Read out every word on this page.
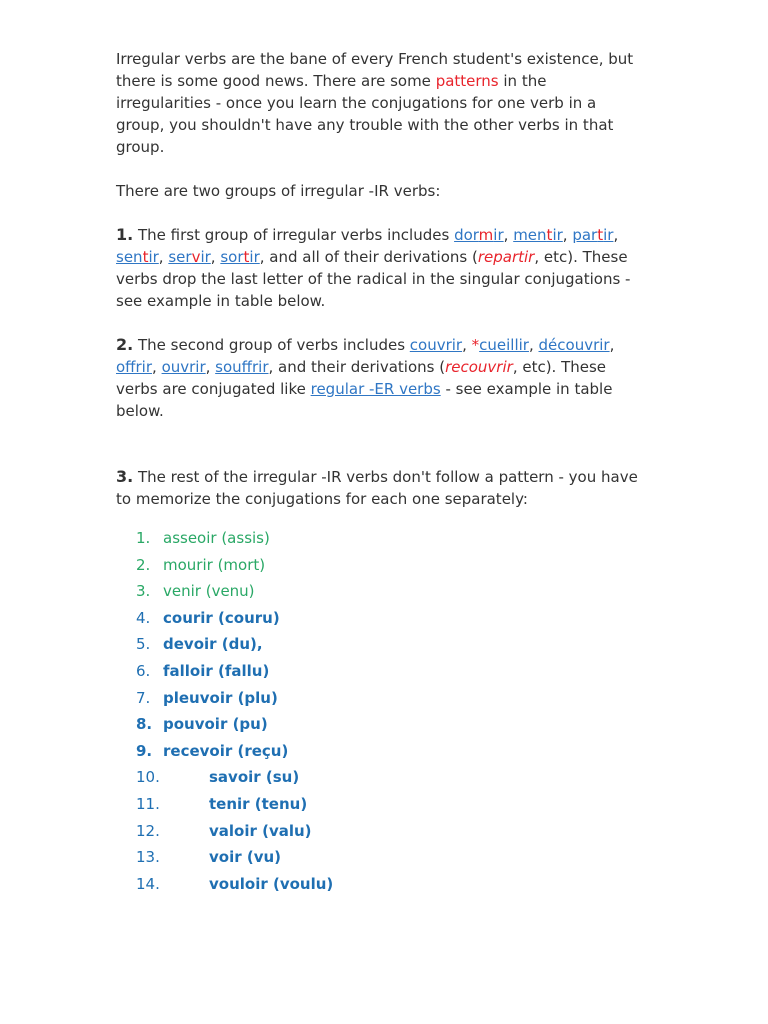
Irregular verbs are the bane of every French student's existence, but there is some good news. There are some patterns in the irregularities - once you learn the conjugations for one verb in a group, you shouldn't have any trouble with the other verbs in that group.

There are two groups of irregular -IR verbs:

1. The first group of irregular verbs includes dormir, mentir, partir, sentir, servir, sortir, and all of their derivations (repartir, etc). These verbs drop the last letter of the radical in the singular conjugations - see example in table below.

2. The second group of verbs includes couvrir, *cueillir, découvrir, offrir, ouvrir, souffrir, and their derivations (recouvrir, etc). These verbs are conjugated like regular -ER verbs - see example in table below.

3. The rest of the irregular -IR verbs don't follow a pattern - you have to memorize the conjugations for each one separately:

1. asseoir (assis)
2. mourir (mort)
3. venir (venu)
4. courir (couru)
5. devoir (du),
6. falloir (fallu)
7. pleuvoir (plu)
8. pouvoir (pu)
9. recevoir (reçu)
10.	savoir (su)
11.	tenir (tenu)
12.	valoir (valu)
13.	voir (vu)
14.	vouloir (voulu)
